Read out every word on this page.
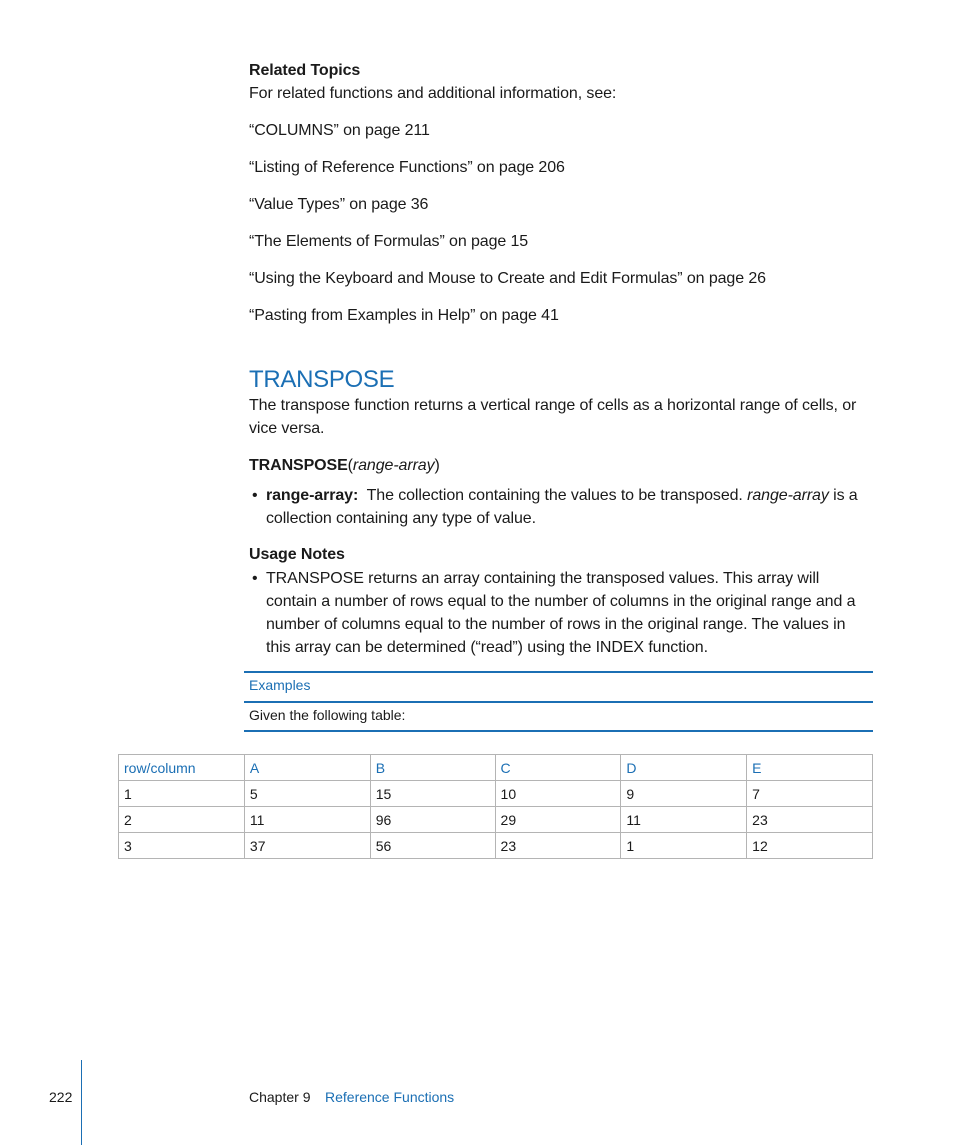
Related Topics
For related functions and additional information, see:
“COLUMNS” on page 211
“Listing of Reference Functions” on page 206
“Value Types” on page 36
“The Elements of Formulas” on page 15
“Using the Keyboard and Mouse to Create and Edit Formulas” on page 26
“Pasting from Examples in Help” on page 41
TRANSPOSE
The transpose function returns a vertical range of cells as a horizontal range of cells, or vice versa.
TRANSPOSE(range-array)
• range-array: The collection containing the values to be transposed. range-array is a collection containing any type of value.
Usage Notes
• TRANSPOSE returns an array containing the transposed values. This array will contain a number of rows equal to the number of columns in the original range and a number of columns equal to the number of rows in the original range. The values in this array can be determined (“read”) using the INDEX function.
Examples
Given the following table:
row/column	A	B	C	D	E
1	5	15	10	9	7
2	11	96	29	11	23
3	37	56	23	1	12
222	Chapter 9 Reference Functions
